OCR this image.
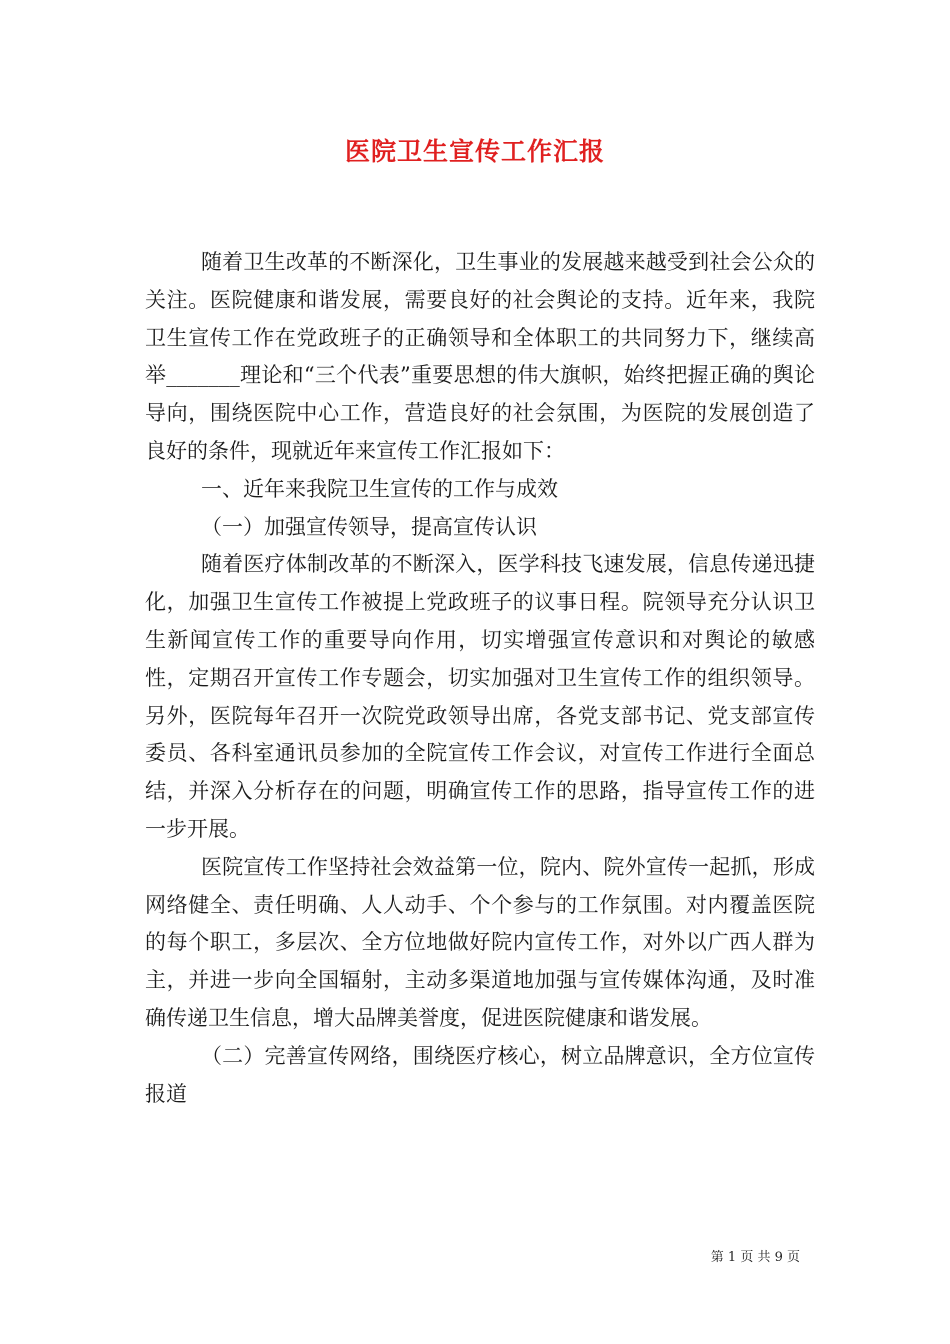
医院卫生宣传工作汇报

随着卫生改革的不断深化，卫生事业的发展越来越受到社会公众的关注。医院健康和谐发展，需要良好的社会舆论的支持。近年来，我院卫生宣传工作在党政班子的正确领导和全体职工的共同努力下，继续高举_______理论和“三个代表”重要思想的伟大旗帜，始终把握正确的舆论导向，围绕医院中心工作，营造良好的社会氛围，为医院的发展创造了良好的条件，现就近年来宣传工作汇报如下：

一、近年来我院卫生宣传的工作与成效

（一）加强宣传领导，提高宣传认识

随着医疗体制改革的不断深入，医学科技飞速发展，信息传递迅捷化，加强卫生宣传工作被提上党政班子的议事日程。院领导充分认识卫生新闻宣传工作的重要导向作用，切实增强宣传意识和对舆论的敏感性，定期召开宣传工作专题会，切实加强对卫生宣传工作的组织领导。另外，医院每年召开一次院党政领导出席，各党支部书记、党支部宣传委员、各科室通讯员参加的全院宣传工作会议，对宣传工作进行全面总结，并深入分析存在的问题，明确宣传工作的思路，指导宣传工作的进一步开展。

医院宣传工作坚持社会效益第一位，院内、院外宣传一起抓，形成网络健全、责任明确、人人动手、个个参与的工作氛围。对内覆盖医院的每个职工，多层次、全方位地做好院内宣传工作，对外以广西人群为主，并进一步向全国辐射，主动多渠道地加强与宣传媒体沟通，及时准确传递卫生信息，增大品牌美誉度，促进医院健康和谐发展。

（二）完善宣传网络，围绕医疗核心，树立品牌意识，全方位宣传报道

第 1 页 共 9 页
